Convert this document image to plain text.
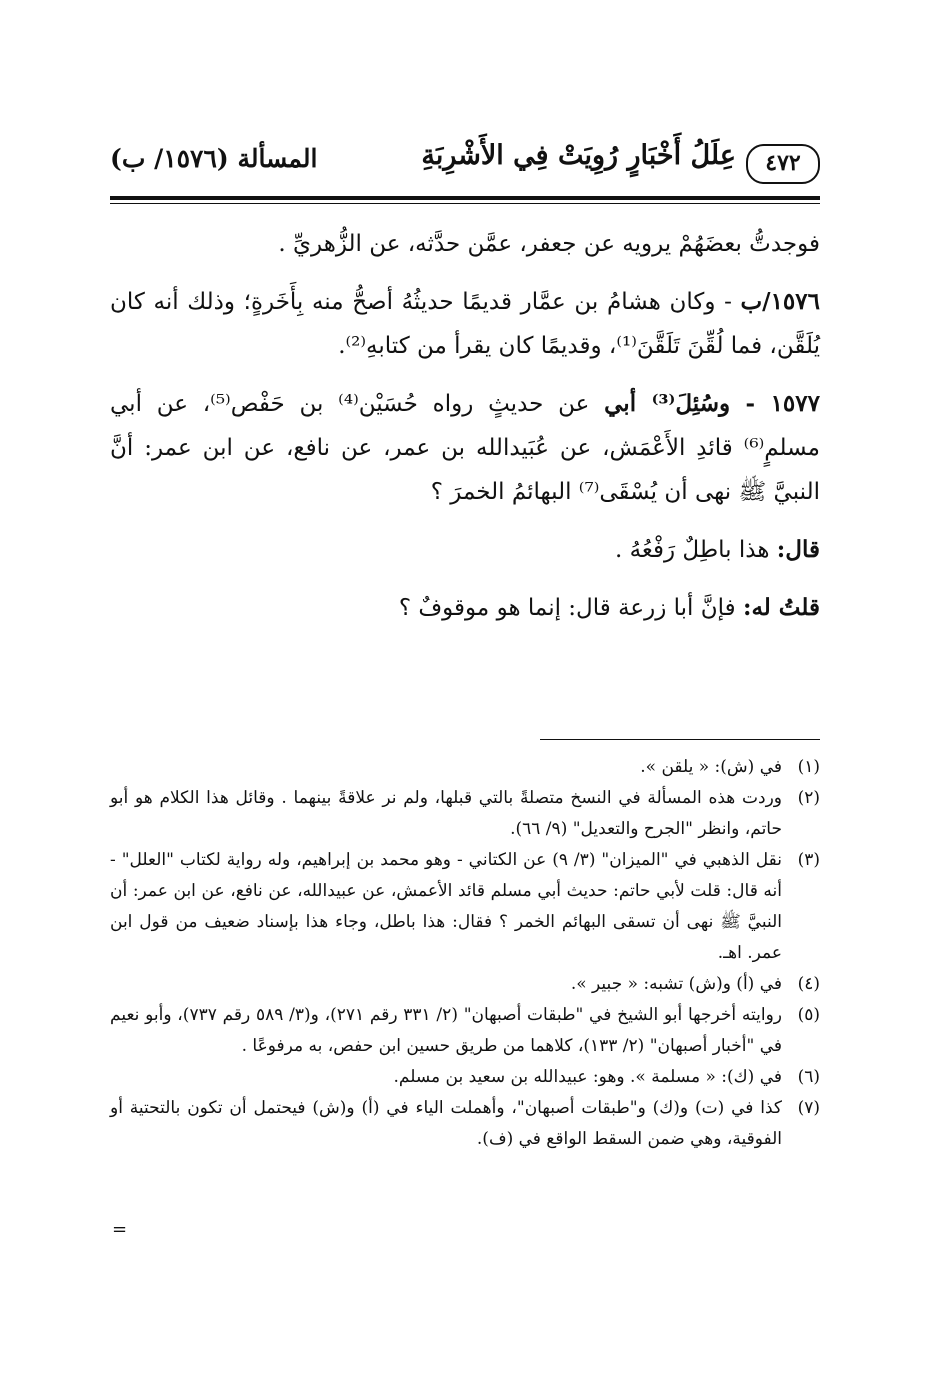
٤٧٢
عِلَلُ أَخْبَارٍ رُوِيَتْ فِي الأَشْرِبَةِ
المسألة (١٥٧٦/ ب)

فوجدتُّ بعضَهُمْ يرويه عن جعفر، عمَّن حدَّثه، عن الزُّهريِّ .

١٥٧٦/ب - وكان هشامُ بن عمَّار قديمًا حديثُهُ أصحُّ منه بِأَخَرةٍ؛ وذلك أنه كان يُلَقَّن، فما لُقِّنَ تَلَقَّنَ⁽¹⁾، وقديمًا كان يقرأ من كتابهِ⁽²⁾.

١٥٧٧ - وسُئِلَ⁽³⁾ أبي عن حديثٍ رواه حُسَيْن⁽⁴⁾ بن حَفْص⁽⁵⁾، عن أبي مسلمٍ⁽⁶⁾ قائدِ الأَعْمَش، عن عُبَيدالله بن عمر، عن نافع، عن ابن عمر: أنَّ النبيَّ ﷺ نهى أن يُسْقَى⁽⁷⁾ البهائمُ الخمرَ ؟

قال: هذا باطِلٌ رَفْعُهُ .

قلتُ له: فإنَّ أبا زرعة قال: إنما هو موقوفٌ ؟

(١)
في (ش): « يلقن ».
(٢)
وردت هذه المسألة في النسخ متصلةً بالتي قبلها، ولم نر علاقةً بينهما . وقائل هذا الكلام هو أبو حاتم، وانظر "الجرح والتعديل" (٩/ ٦٦).
(٣)
نقل الذهبي في "الميزان" (٣/ ٩) عن الكتاني - وهو محمد بن إبراهيم، وله رواية لكتاب "العلل" - أنه قال: قلت لأبي حاتم: حديث أبي مسلم قائد الأعمش، عن عبيدالله، عن نافع، عن ابن عمر: أن النبيَّ ﷺ نهى أن تسقى البهائم الخمر ؟ فقال: هذا باطل، وجاء هذا بإسناد ضعيف من قول ابن عمر. اهـ.
(٤)
في (أ) و(ش) تشبه: « جبير ».
(٥)
روايته أخرجها أبو الشيخ في "طبقات أصبهان" (٢/ ٣٣١ رقم ٢٧١)، و(٣/ ٥٨٩ رقم ٧٣٧)، وأبو نعيم في "أخبار أصبهان" (٢/ ١٣٣)، كلاهما من طريق حسين ابن حفص، به مرفوعًا .
(٦)
في (ك): « مسلمة ». وهو: عبيدالله بن سعيد بن مسلم.
(٧)
كذا في (ت) و(ك) و"طبقات أصبهان"، وأهملت الياء في (أ) و(ش) فيحتمل أن تكون بالتحتية أو الفوقية، وهي ضمن السقط الواقع في (ف).
=
